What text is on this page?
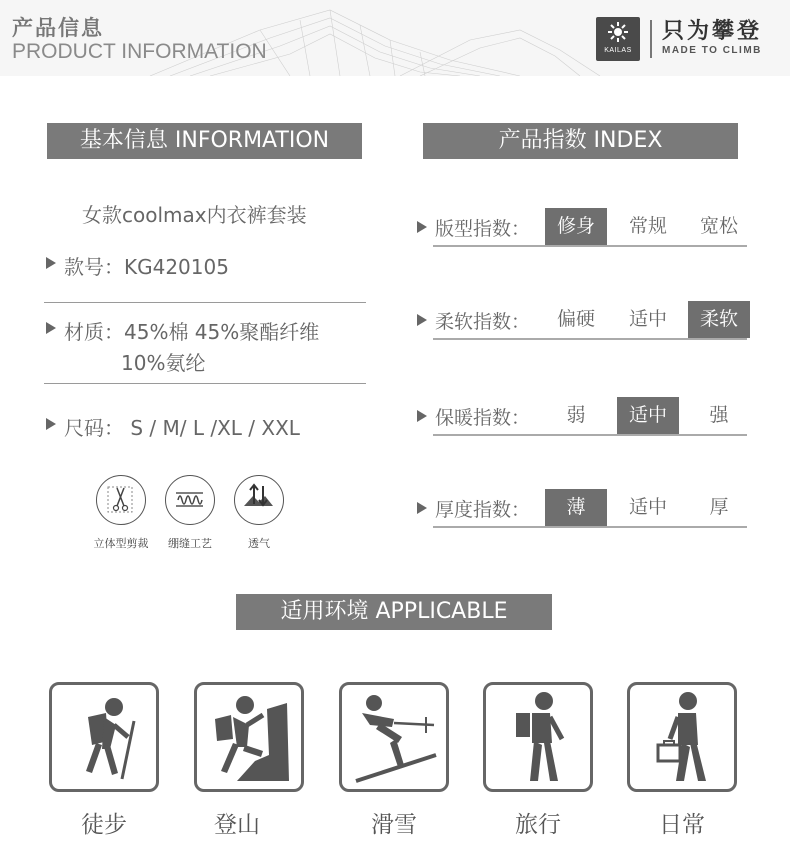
产品信息
PRODUCT INFORMATION	KAILAS
只为攀登
MADE TO CLIMB
基本信息 INFORMATION
女款coolmax内衣裤套装
款号：KG420105
材质：45%棉 45%聚酯纤维
10%氨纶
尺码： S / M/ L /XL / XXL
立体型剪裁	绷缝工艺	透气
产品指数 INDEX
版型指数：	修身	常规	宽松
柔软指数：	偏硬	适中	柔软
保暖指数：	弱	适中	强
厚度指数：	薄	适中	厚
适用环境 APPLICABLE
徒步	登山	滑雪	旅行	日常
